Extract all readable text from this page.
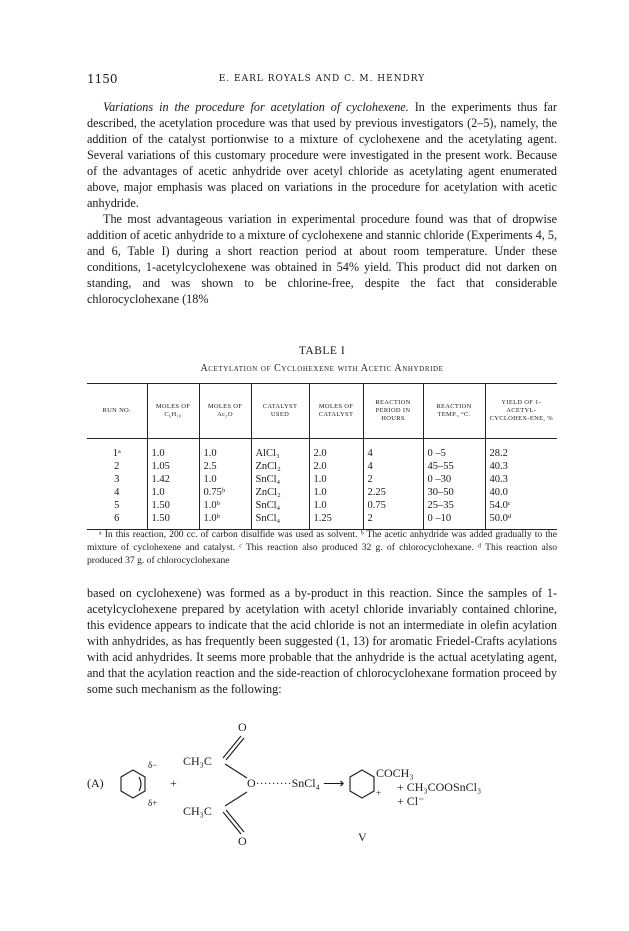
1150	E. EARL ROYALS AND C. M. HENDRY

Variations in the procedure for acetylation of cyclohexene. In the experiments thus far described, the acetylation procedure was that used by previous investigators (2–5), namely, the addition of the catalyst portionwise to a mixture of cyclohexene and the acetylating agent. Several variations of this customary procedure were investigated in the present work. Because of the advantages of acetic anhydride over acetyl chloride as acetylating agent enumerated above, major emphasis was placed on variations in the procedure for acetylation with acetic anhydride.

The most advantageous variation in experimental procedure found was that of dropwise addition of acetic anhydride to a mixture of cyclohexene and stannic chloride (Experiments 4, 5, and 6, Table I) during a short reaction period at about room temperature. Under these conditions, 1-acetylcyclohexene was obtained in 54% yield. This product did not darken on standing, and was shown to be chlorine-free, despite the fact that considerable chlorocyclohexane (18%

TABLE I
Acetylation of Cyclohexene with Acetic Anhydride
RUN NO.	MOLES OF C₆H₁₀	MOLES OF Ac₂O	CATALYST USED	MOLES OF CATALYST	REACTION PERIOD IN HOURS	REACTION TEMP., °C.	YIELD OF 1-ACETYL-CYCLOHEX-ENE, %
1ᵃ	1.0	1.0	AlCl₃	2.0	4	0 –5	28.2
2	1.05	2.5	ZnCl₂	2.0	4	45–55	40.3
3	1.42	1.0	SnCl₄	1.0	2	0 –30	40.3
4	1.0	0.75ᵇ	ZnCl₂	1.0	2.25	30–50	40.0
5	1.50	1.0ᵇ	SnCl₄	1.0	0.75	25–35	54.0ᶜ
6	1.50	1.0ᵇ	SnCl₄	1.25	2	0 –10	50.0ᵈ

ᵃ In this reaction, 200 cc. of carbon disulfide was used as solvent. ᵇ The acetic anhydride was added gradually to the mixture of cyclohexene and catalyst. ᶜ This reaction also produced 32 g. of chlorocyclohexane. ᵈ This reaction also produced 37 g. of chlorocyclohexane

based on cyclohexene) was formed as a by-product in this reaction. Since the samples of 1-acetylcyclohexene prepared by acetylation with acetyl chloride invariably contained chlorine, this evidence appears to indicate that the acid chloride is not an intermediate in olefin acylation with anhydrides, as has frequently been suggested (1, 13) for aromatic Friedel-Crafts acylations with acid anhydrides. It seems more probable that the anhydride is the actual acetylating agent, and that the acylation reaction and the side-reaction of chlorocyclohexane formation proceed by some such mechanism as the following:

(A)
δ−
δ+
+
O
CH₃C
O·········SnCl₄
CH₃C
O
⟶
COCH₃
+ + CH₃COOSnCl₃
+ Cl⁻
V
